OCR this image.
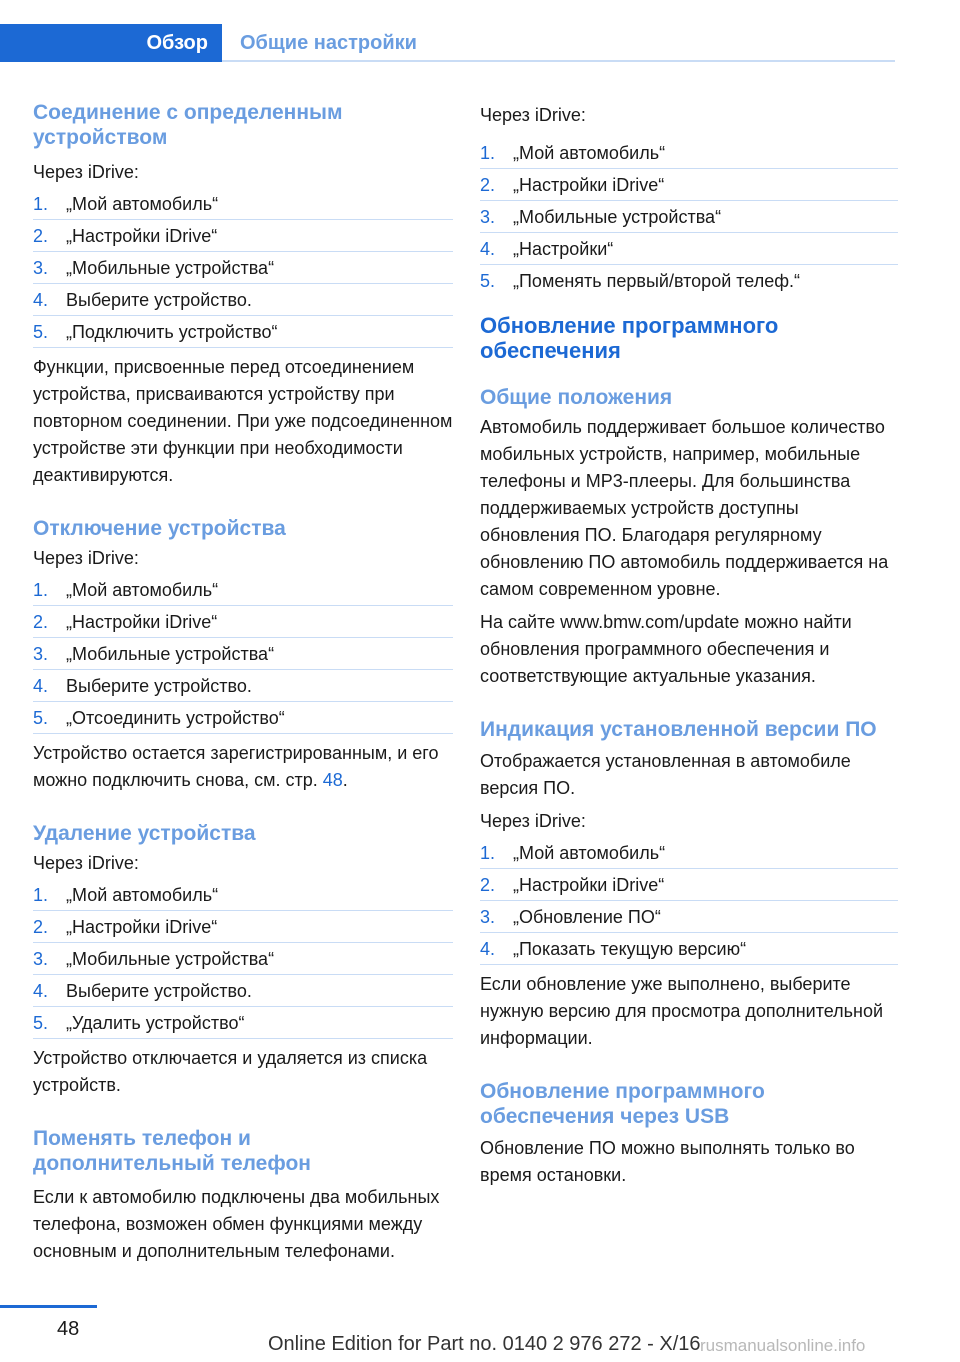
Обзор Общие настройки
Соединение с определенным устройством

Через iDrive:

1. „Мой автомобиль“
2. „Настройки iDrive“
3. „Мобильные устройства“
4. Выберите устройство.
5. „Подключить устройство“

Функции, присвоенные перед отсоединением устройства, присваиваются устройству при повторном соединении. При уже подсоединенном устройстве эти функции при необходимости деактивируются.

Отключение устройства

Через iDrive:

1. „Мой автомобиль“
2. „Настройки iDrive“
3. „Мобильные устройства“
4. Выберите устройство.
5. „Отсоединить устройство“

Устройство остается зарегистрированным, и его можно подключить снова, см. стр. 48.

Удаление устройства

Через iDrive:

1. „Мой автомобиль“
2. „Настройки iDrive“
3. „Мобильные устройства“
4. Выберите устройство.
5. „Удалить устройство“

Устройство отключается и удаляется из списка устройств.

Поменять телефон и дополнительный телефон

Если к автомобилю подключены два мобильных телефона, возможен обмен функциями между основным и дополнительным телефонами.

Через iDrive:

1. „Мой автомобиль“
2. „Настройки iDrive“
3. „Мобильные устройства“
4. „Настройки“
5. „Поменять первый/второй телеф.“
Обновление программного обеспечения
Общие положения

Автомобиль поддерживает большое количество мобильных устройств, например, мобильные телефоны и MP3-плееры. Для большинства поддерживаемых устройств доступны обновления ПО. Благодаря регулярному обновлению ПО автомобиль поддерживается на самом современном уровне.

На сайте www.bmw.com/update можно найти обновления программного обеспечения и соответствующие актуальные указания.

Индикация установленной версии ПО

Отображается установленная в автомобиле версия ПО.

Через iDrive:

1. „Мой автомобиль“
2. „Настройки iDrive“
3. „Обновление ПО“
4. „Показать текущую версию“

Если обновление уже выполнено, выберите нужную версию для просмотра дополнительной информации.

Обновление программного обеспечения через USB

Обновление ПО можно выполнять только во время остановки.

48
Online Edition for Part no. 0140 2 976 272 - X/16 rusmanualsonline.info
